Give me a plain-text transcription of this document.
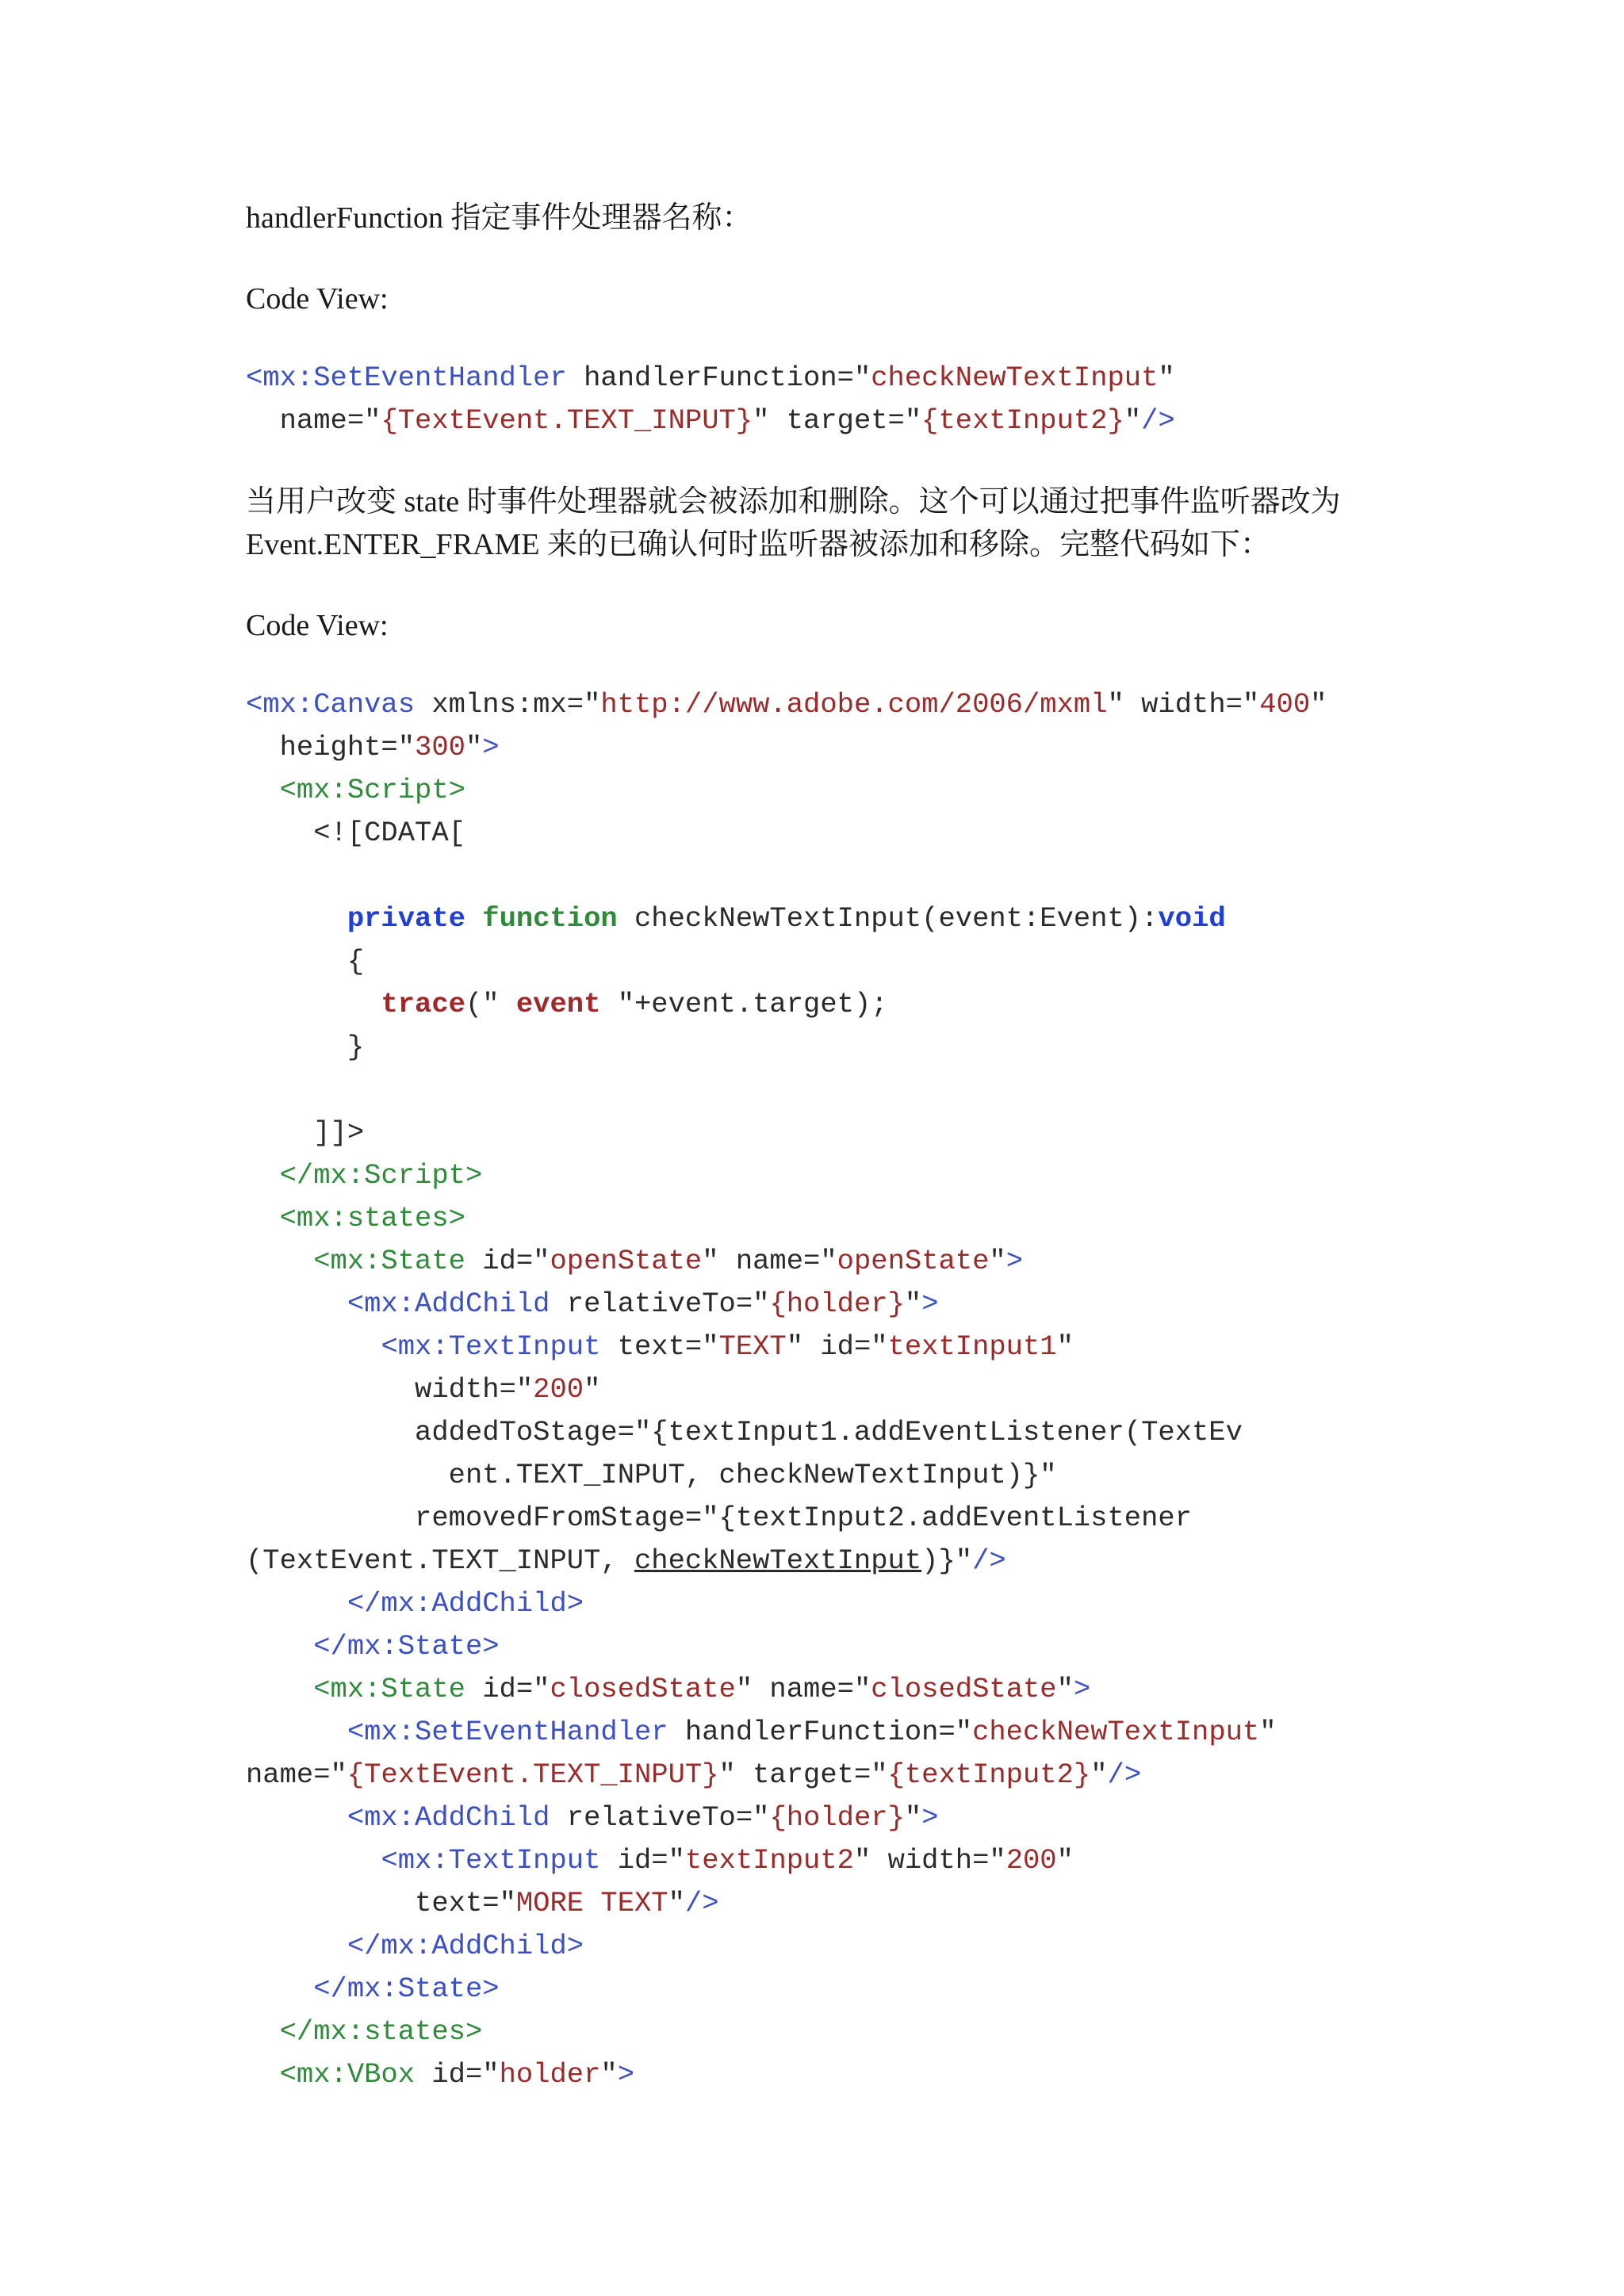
handlerFunction 指定事件处理器名称：
Code View:
<mx:SetEventHandler handlerFunction="checkNewTextInput"
name="{TextEvent.TEXT_INPUT}" target="{textInput2}"/>
当用户改变 state 时事件处理器就会被添加和删除。这个可以通过把事件监听器改为
Event.ENTER_FRAME 来的已确认何时监听器被添加和移除。完整代码如下：
Code View:
<mx:Canvas xmlns:mx="http://www.adobe.com/2006/mxml" width="400"
height="300">
<mx:Script>
<![CDATA[

private function checkNewTextInput(event:Event):void
{
trace(" event "+event.target);
}

]]>
</mx:Script>
<mx:states>
<mx:State id="openState" name="openState">
<mx:AddChild relativeTo="{holder}">
<mx:TextInput text="TEXT" id="textInput1"
width="200"
addedToStage="{textInput1.addEventListener(TextEv
ent.TEXT_INPUT, checkNewTextInput)}"
removedFromStage="{textInput2.addEventListener
(TextEvent.TEXT_INPUT, checkNewTextInput)}"/>
</mx:AddChild>
</mx:State>
<mx:State id="closedState" name="closedState">
<mx:SetEventHandler handlerFunction="checkNewTextInput"
name="{TextEvent.TEXT_INPUT}" target="{textInput2}"/>
<mx:AddChild relativeTo="{holder}">
<mx:TextInput id="textInput2" width="200"
text="MORE TEXT"/>
</mx:AddChild>
</mx:State>
</mx:states>
<mx:VBox id="holder">
